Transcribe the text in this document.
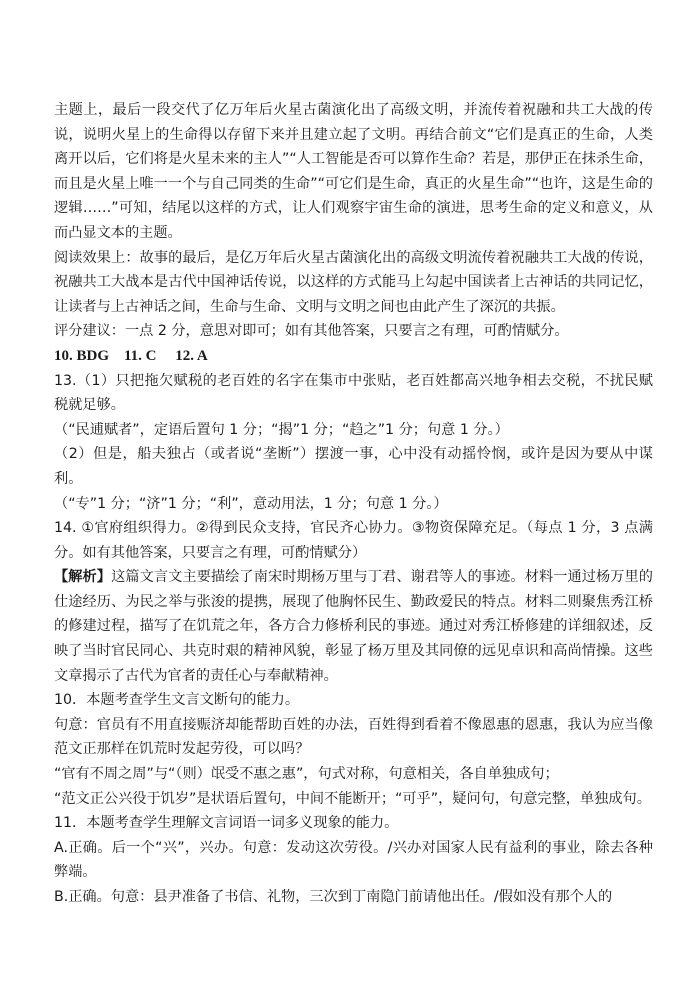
主题上，最后一段交代了亿万年后火星古菌演化出了高级文明，并流传着祝融和共工大战的传说，说明火星上的生命得以存留下来并且建立起了文明。再结合前文“它们是真正的生命，人类离开以后，它们将是火星未来的主人”“人工智能是否可以算作生命？若是，那伊正在抹杀生命，而且是火星上唯一一个与自己同类的生命”“可它们是生命，真正的火星生命”“也许，这是生命的逻辑……”可知，结尾以这样的方式，让人们观察宇宙生命的演进，思考生命的定义和意义，从而凸显文本的主题。

阅读效果上：故事的最后，是亿万年后火星古菌演化出的高级文明流传着祝融共工大战的传说，祝融共工大战本是古代中国神话传说，以这样的方式能马上勾起中国读者上古神话的共同记忆，让读者与上古神话之间，生命与生命、文明与文明之间也由此产生了深沉的共振。

评分建议：一点 2 分，意思对即可；如有其他答案，只要言之有理，可酌情赋分。

10. BDG    11. C     12. A

13.（1）只把拖欠赋税的老百姓的名字在集市中张贴，老百姓都高兴地争相去交税，不扰民赋税就足够。

（“民逋赋者”，定语后置句 1 分；“揭”1 分；“趋之”1 分；句意 1 分。）

（2）但是，船夫独占（或者说“垄断”）摆渡一事，心中没有动摇怜悯，或许是因为要从中谋利。

（“专”1 分；“济”1 分；“利”，意动用法，1 分；句意 1 分。）

14. ①官府组织得力。②得到民众支持，官民齐心协力。③物资保障充足。（每点 1 分，3 点满分。如有其他答案，只要言之有理，可酌情赋分）

【解析】这篇文言文主要描绘了南宋时期杨万里与丁君、谢君等人的事迹。材料一通过杨万里的仕途经历、为民之举与张浚的提携，展现了他胸怀民生、勤政爱民的特点。材料二则聚焦秀江桥的修建过程，描写了在饥荒之年，各方合力修桥利民的事迹。通过对秀江桥修建的详细叙述，反映了当时官民同心、共克时艰的精神风貌，彰显了杨万里及其同僚的远见卓识和高尚情操。这些文章揭示了古代为官者的责任心与奉献精神。

10．本题考查学生文言文断句的能力。

句意：官员有不用直接赈济却能帮助百姓的办法，百姓得到看着不像恩惠的恩惠，我认为应当像范文正那样在饥荒时发起劳役，可以吗？

“官有不周之周”与“（则）氓受不惠之惠”，句式对称，句意相关，各自单独成句；

“范文正公兴役于饥岁”是状语后置句，中间不能断开；“可乎”，疑问句，句意完整，单独成句。

11．本题考查学生理解文言词语一词多义现象的能力。

A.正确。后一个“兴”，兴办。句意：发动这次劳役。/兴办对国家人民有益利的事业，除去各种弊端。

B.正确。句意：县尹准备了书信、礼物，三次到丁南隐门前请他出任。/假如没有那个人的
